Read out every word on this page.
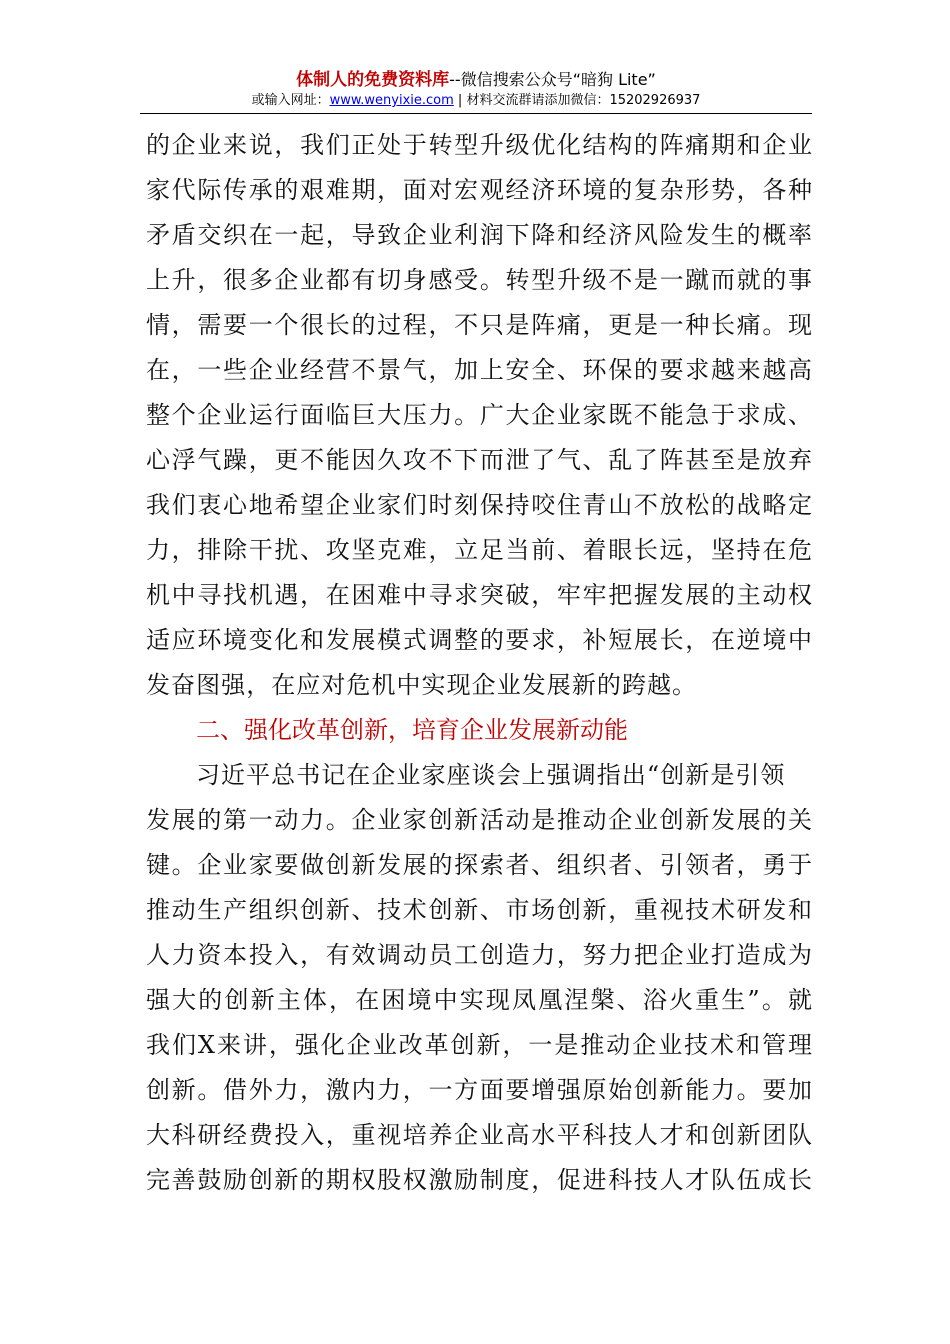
体制人的免费资料库--微信搜索公众号“暗狗 Lite”
或输入网址：www.wenyixie.com | 材料交流群请添加微信：15202926937
的企业来说，我们正处于转型升级优化结构的阵痛期和企业
家代际传承的艰难期，面对宏观经济环境的复杂形势，各种
矛盾交织在一起，导致企业利润下降和经济风险发生的概率
上升，很多企业都有切身感受。转型升级不是一蹴而就的事
情，需要一个很长的过程，不只是阵痛，更是一种长痛。现
在，一些企业经营不景气，加上安全、环保的要求越来越高
整个企业运行面临巨大压力。广大企业家既不能急于求成、
心浮气躁，更不能因久攻不下而泄了气、乱了阵甚至是放弃
我们衷心地希望企业家们时刻保持咬住青山不放松的战略定
力，排除干扰、攻坚克难，立足当前、着眼长远，坚持在危
机中寻找机遇，在困难中寻求突破，牢牢把握发展的主动权
适应环境变化和发展模式调整的要求，补短展长，在逆境中
发奋图强，在应对危机中实现企业发展新的跨越。
二、强化改革创新，培育企业发展新动能
习近平总书记在企业家座谈会上强调指出“创新是引领
发展的第一动力。企业家创新活动是推动企业创新发展的关
键。企业家要做创新发展的探索者、组织者、引领者，勇于
推动生产组织创新、技术创新、市场创新，重视技术研发和
人力资本投入，有效调动员工创造力，努力把企业打造成为
强大的创新主体，在困境中实现凤凰涅槃、浴火重生”。就
我们X来讲，强化企业改革创新，一是推动企业技术和管理
创新。借外力，激内力，一方面要增强原始创新能力。要加
大科研经费投入，重视培养企业高水平科技人才和创新团队
完善鼓励创新的期权股权激励制度，促进科技人才队伍成长
